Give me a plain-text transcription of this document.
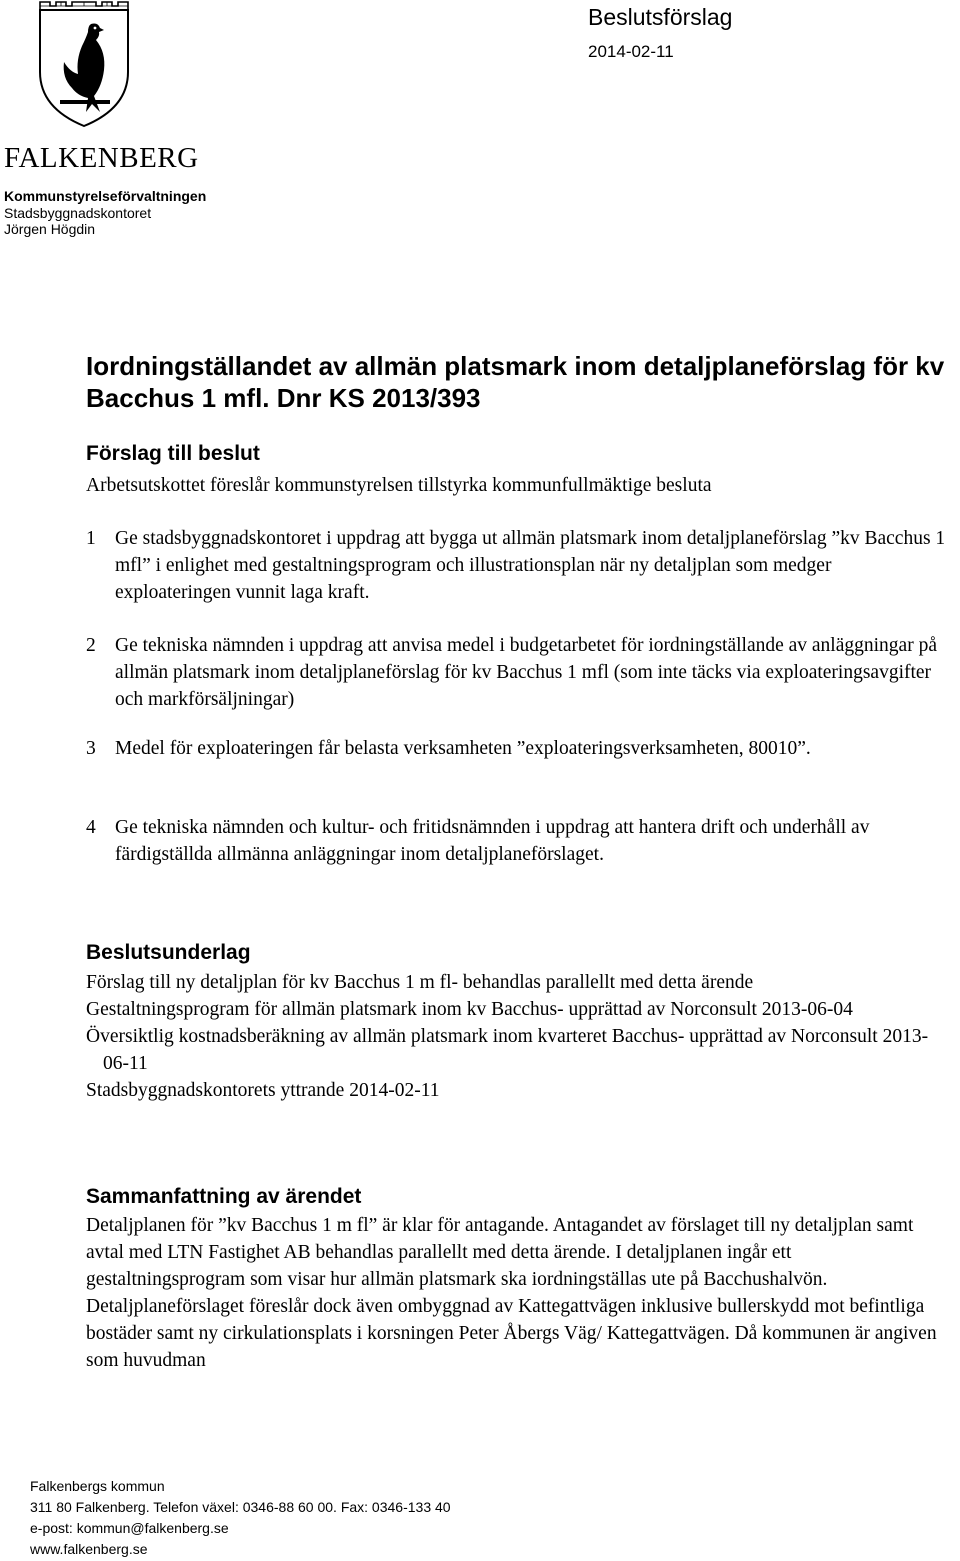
FALKENBERG
Kommunstyrelseförvaltningen
Stadsbyggnadskontoret
Jörgen Högdin
Beslutsförslag
2014-02-11
Iordningställandet av allmän platsmark inom detaljplaneförslag för kv Bacchus 1 mfl. Dnr KS 2013/393
Förslag till beslut

Arbetsutskottet föreslår kommunstyrelsen tillstyrka kommunfullmäktige besluta

1 Ge stadsbyggnadskontoret i uppdrag att bygga ut allmän platsmark inom detaljplaneförslag ”kv Bacchus 1 mfl” i enlighet med gestaltningsprogram och illustrationsplan när ny detaljplan som medger exploateringen vunnit laga kraft.
2 Ge tekniska nämnden i uppdrag att anvisa medel i budgetarbetet för iordningställande av anläggningar på allmän platsmark inom detaljplaneförslag för kv Bacchus 1 mfl (som inte täcks via exploateringsavgifter och markförsäljningar)
3 Medel för exploateringen får belasta verksamheten ”exploateringsverksamheten, 80010”.
4 Ge tekniska nämnden och kultur- och fritidsnämnden i uppdrag att hantera drift och underhåll av färdigställda allmänna anläggningar inom detaljplaneförslaget.
Beslutsunderlag
Förslag till ny detaljplan för kv Bacchus 1 m fl- behandlas parallellt med detta ärende
Gestaltningsprogram för allmän platsmark inom kv Bacchus- upprättad av Norconsult 2013-06-04
Översiktlig kostnadsberäkning av allmän platsmark inom kvarteret Bacchus- upprättad av Norconsult 2013-06-11
Stadsbyggnadskontorets yttrande 2014-02-11
Sammanfattning av ärendet

Detaljplanen för ”kv Bacchus 1 m fl” är klar för antagande. Antagandet av förslaget till ny detaljplan samt avtal med LTN Fastighet AB behandlas parallellt med detta ärende. I detaljplanen ingår ett gestaltningsprogram som visar hur allmän platsmark ska iordningställas ute på Bacchushalvön. Detaljplaneförslaget föreslår dock även ombyggnad av Kattegattvägen inklusive bullerskydd mot befintliga bostäder samt ny cirkulationsplats i korsningen Peter Åbergs Väg/ Kattegattvägen. Då kommunen är angiven som huvudman

Falkenbergs kommun
311 80 Falkenberg. Telefon växel: 0346-88 60 00. Fax: 0346-133 40
e-post: kommun@falkenberg.se
www.falkenberg.se
